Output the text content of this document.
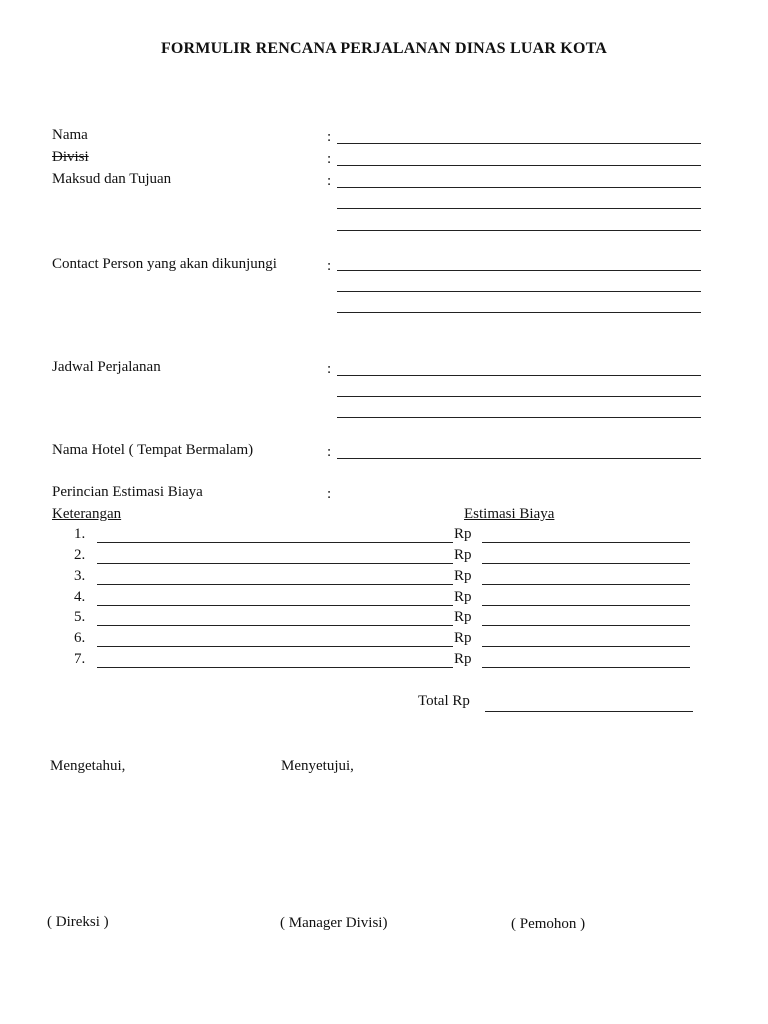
FORMULIR RENCANA PERJALANAN DINAS LUAR KOTA
Nama	:
Divisi	:
Maksud dan Tujuan	:
Contact Person yang akan dikunjungi	:
Jadwal Perjalanan	:
Nama Hotel ( Tempat Bermalam)	:
Perincian Estimasi Biaya	:
Keterangan	Estimasi Biaya
1.	Rp
2.	Rp
3.	Rp
4.	Rp
5.	Rp
6.	Rp
7.	Rp
Total Rp
Mengetahui,	Menyetujui,
( Direksi )	( Manager Divisi)	( Pemohon )
